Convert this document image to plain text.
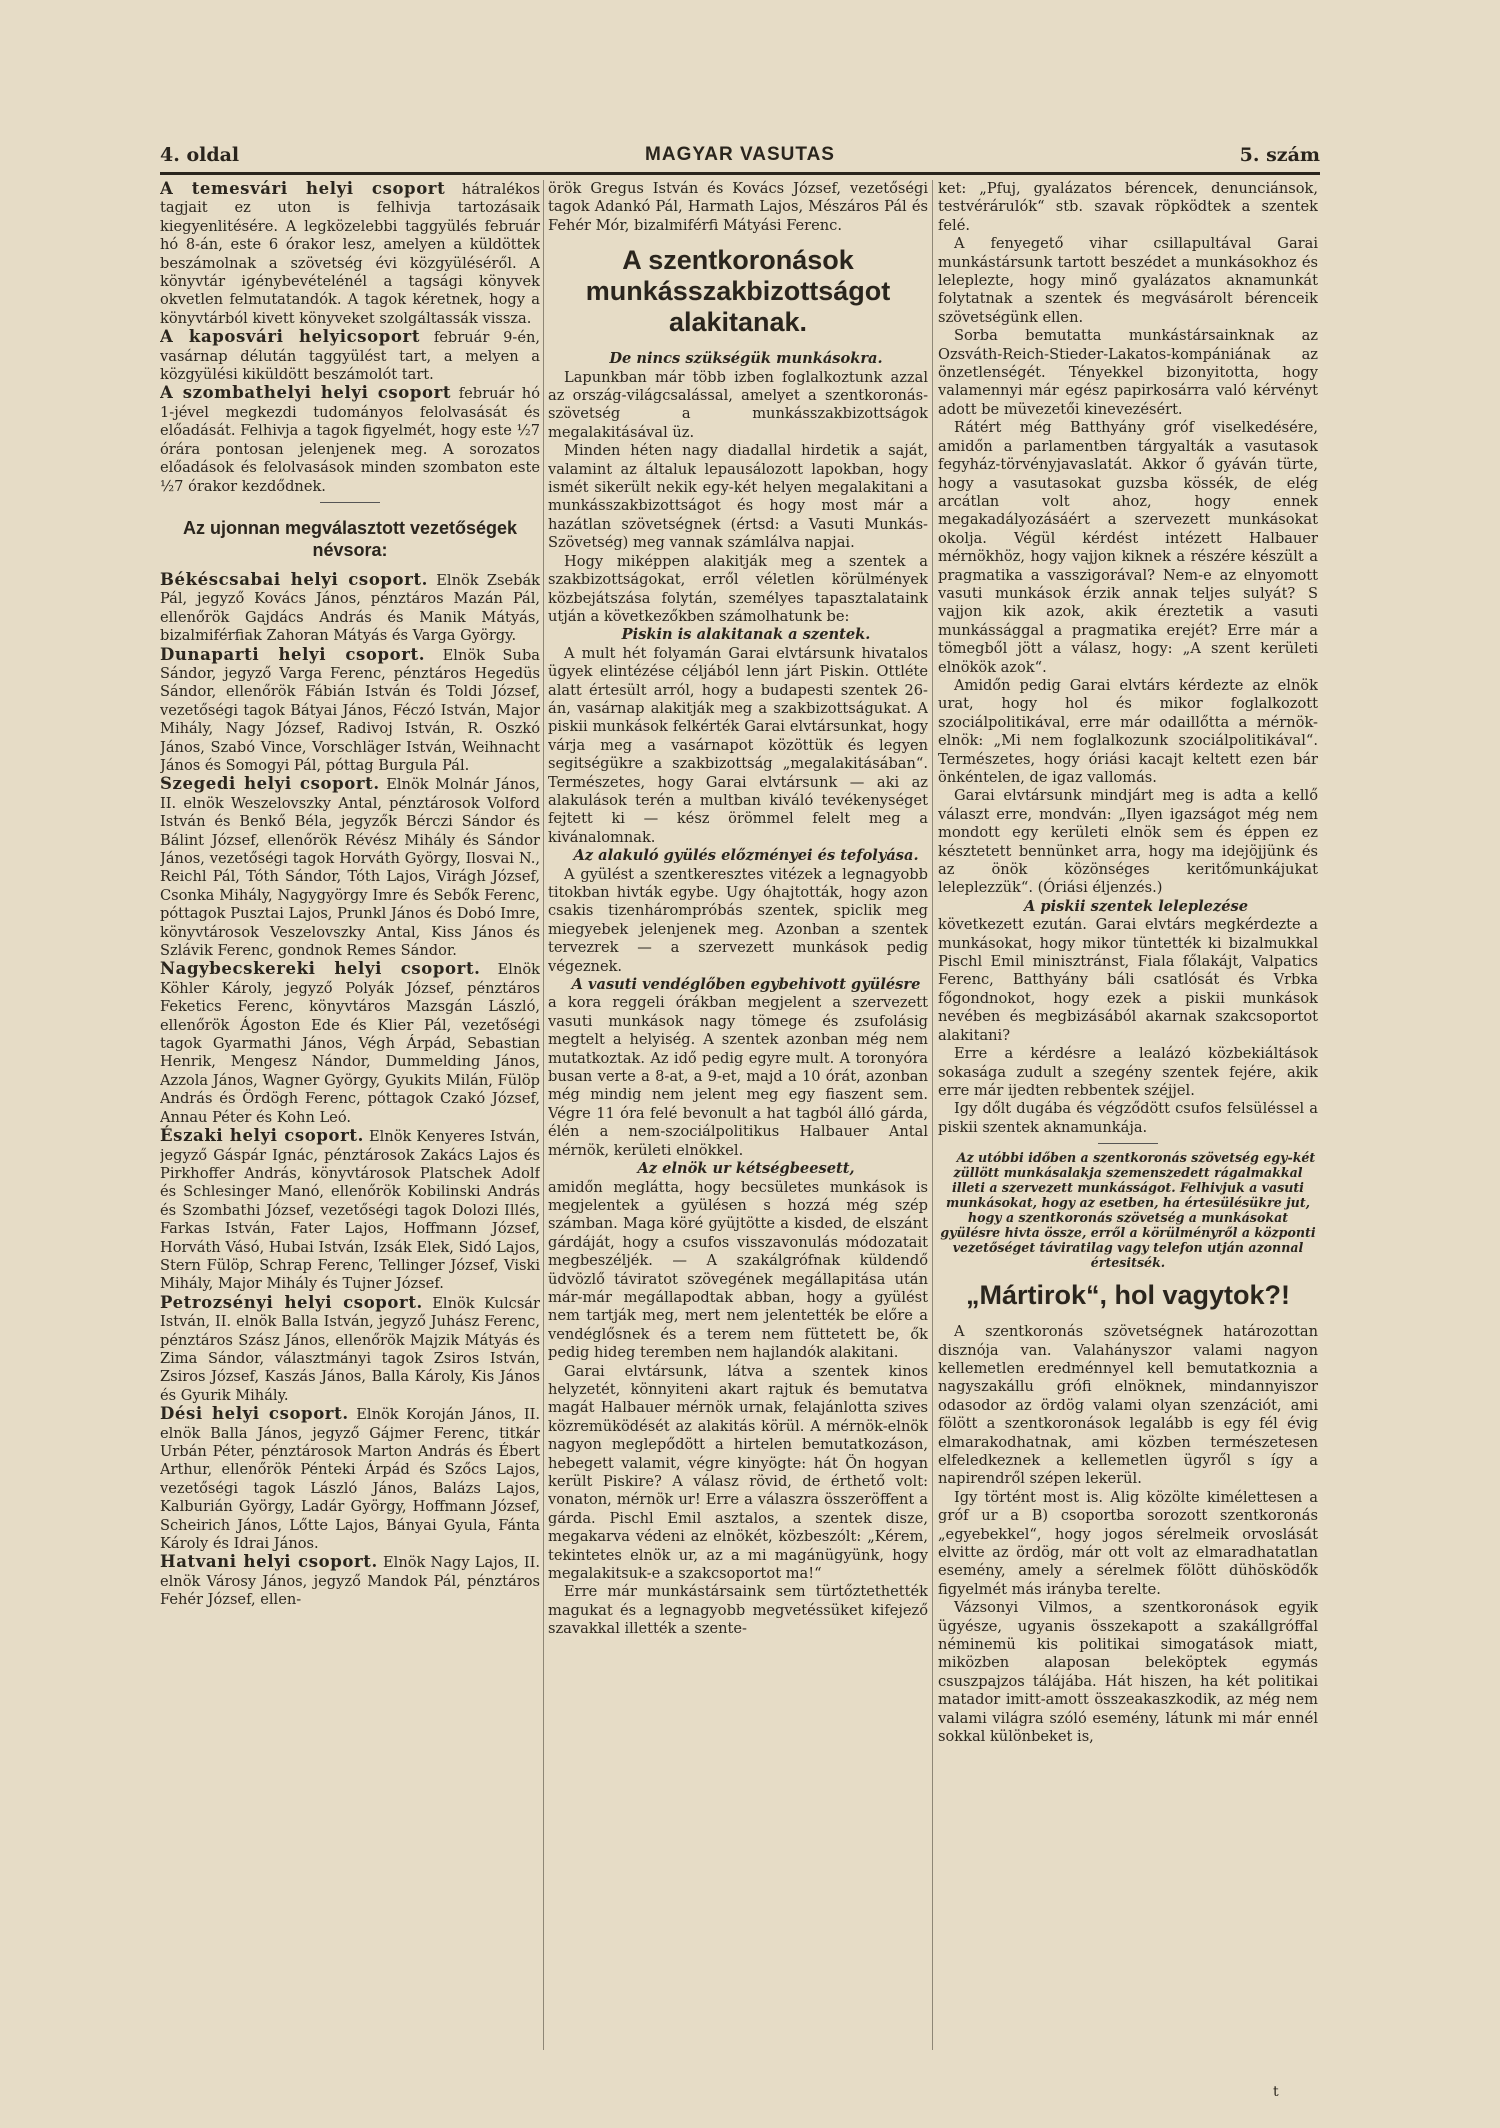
4. oldal	MAGYAR VASUTAS	5. szám

A temesvári helyi csoport hátralékos tagjait ez uton is felhivja tartozásaik kiegyenlitésére. A legközelebbi taggyülés február hó 8-án, este 6 órakor lesz, amelyen a küldöttek beszámolnak a szövetség évi közgyüléséről. A könyvtár igénybevételénél a tagsági könyvek okvetlen felmutatandók. A tagok kéretnek, hogy a könyvtárból kivett könyveket szolgáltassák vissza.

A kaposvári helyicsoport február 9-én, vasárnap délután taggyülést tart, a melyen a közgyülési kiküldött beszámolót tart.

A szombathelyi helyi csoport február hó 1-jével megkezdi tudományos felolvasását és előadását. Felhivja a tagok figyelmét, hogy este ½7 órára pontosan jelenjenek meg. A sorozatos előadások és felolvasások minden szombaton este ½7 órakor kezdődnek.

Az ujonnan megválasztott vezetőségek névsora:

Békéscsabai helyi csoport. Elnök Zsebák Pál, jegyző Kovács János, pénztáros Mazán Pál, ellenőrök Gajdács András és Manik Mátyás, bizalmiférfiak Zahoran Mátyás és Varga György.

Dunaparti helyi csoport. Elnök Suba Sándor, jegyző Varga Ferenc, pénztáros Hegedüs Sándor, ellenőrök Fábián István és Toldi József, vezetőségi tagok Bátyai János, Féczó István, Major Mihály, Nagy József, Radivoj István, R. Oszkó János, Szabó Vince, Vorschläger István, Weihnacht János és Somogyi Pál, póttag Burgula Pál.

Szegedi helyi csoport. Elnök Molnár János, II. elnök Weszelovszky Antal, pénztárosok Volford István és Benkő Béla, jegyzők Bérczi Sándor és Bálint József, ellenőrök Révész Mihály és Sándor János, vezetőségi tagok Horváth György, Ilosvai N., Reichl Pál, Tóth Sándor, Tóth Lajos, Virágh József, Csonka Mihály, Nagygyörgy Imre és Sebők Ferenc, póttagok Pusztai Lajos, Prunkl János és Dobó Imre, könyvtárosok Veszelovszky Antal, Kiss János és Szlávik Ferenc, gondnok Remes Sándor.

Nagybecskereki helyi csoport. Elnök Köhler Károly, jegyző Polyák József, pénztáros Feketics Ferenc, könyvtáros Mazsgán László, ellenőrök Ágoston Ede és Klier Pál, vezetőségi tagok Gyarmathi János, Végh Árpád, Sebastian Henrik, Mengesz Nándor, Dummelding János, Azzola János, Wagner György, Gyukits Milán, Fülöp András és Ördögh Ferenc, póttagok Czakó József, Annau Péter és Kohn Leó.

Északi helyi csoport. Elnök Kenyeres István, jegyző Gáspár Ignác, pénztárosok Zakács Lajos és Pirkhoffer András, könyvtárosok Platschek Adolf és Schlesinger Manó, ellenőrök Kobilinski András és Szombathi József, vezetőségi tagok Dolozi Illés, Farkas István, Fater Lajos, Hoffmann József, Horváth Vásó, Hubai István, Izsák Elek, Sidó Lajos, Stern Fülöp, Schrap Ferenc, Tellinger József, Viski Mihály, Major Mihály és Tujner József.

Petrozsényi helyi csoport. Elnök Kulcsár István, II. elnök Balla István, jegyző Juhász Ferenc, pénztáros Szász János, ellenőrök Majzik Mátyás és Zima Sándor, választmányi tagok Zsiros István, Zsiros József, Kaszás János, Balla Károly, Kis János és Gyurik Mihály.

Dési helyi csoport. Elnök Koroján János, II. elnök Balla János, jegyző Gájmer Ferenc, titkár Urbán Péter, pénztárosok Marton András és Ébert Arthur, ellenőrök Pénteki Árpád és Szőcs Lajos, vezetőségi tagok László János, Balázs Lajos, Kalburián György, Ladár György, Hoffmann József, Scheirich János, Lőtte Lajos, Bányai Gyula, Fánta Károly és Idrai János.

Hatvani helyi csoport. Elnök Nagy Lajos, II. elnök Városy János, jegyző Mandok Pál, pénztáros Fehér József, ellen-

örök Gregus István és Kovács József, vezetőségi tagok Adankó Pál, Harmath Lajos, Mészáros Pál és Fehér Mór, bizalmiférfi Mátyási Ferenc.

A szentkoronások munkásszakbizottságot alakitanak.

De nincs szükségük munkásokra.

Lapunkban már több izben foglalkoztunk azzal az ország-világcsalással, amelyet a szentkoronás-szövetség a munkásszakbizottságok megalakitásával üz.

Minden héten nagy diadallal hirdetik a saját, valamint az általuk lepausálozott lapokban, hogy ismét sikerült nekik egy-két helyen megalakitani a munkásszakbizottságot és hogy most már a hazátlan szövetségnek (értsd: a Vasuti Munkás-Szövetség) meg vannak számlálva napjai.

Hogy miképpen alakitják meg a szentek a szakbizottságokat, erről véletlen körülmények közbejátszása folytán, személyes tapasztalataink utján a következőkben számolhatunk be:

Piskin is alakitanak a szentek.

A mult hét folyamán Garai elvtársunk hivatalos ügyek elintézése céljából lenn járt Piskin. Ottléte alatt értesült arról, hogy a budapesti szentek 26-án, vasárnap alakitják meg a szakbizottságukat. A piskii munkások felkérték Garai elvtársunkat, hogy várja meg a vasárnapot közöttük és legyen segitségükre a szakbizottság „megalakitásában“. Természetes, hogy Garai elvtársunk — aki az alakulások terén a multban kiváló tevékenységet fejtett ki — kész örömmel felelt meg a kivánalomnak.

Az alakuló gyülés előzményei és tefolyása.

A gyülést a szentkeresztes vitézek a legnagyobb titokban hivták egybe. Ugy óhajtották, hogy azon csakis tizenhárompróbás szentek, spiclik meg miegyebek jelenjenek meg. Azonban a szentek tervezrek — a szervezett munkások pedig végeznek.

A vasuti vendéglőben egybehivott gyülésre

a kora reggeli órákban megjelent a szervezett vasuti munkások nagy tömege és zsufolásig megtelt a helyiség. A szentek azonban még nem mutatkoztak. Az idő pedig egyre mult. A toronyóra busan verte a 8-at, a 9-et, majd a 10 órát, azonban még mindig nem jelent meg egy fiaszent sem. Végre 11 óra felé bevonult a hat tagból álló gárda, élén a nem-szociálpolitikus Halbauer Antal mérnök, kerületi elnökkel.

Az elnök ur kétségbeesett,

amidőn meglátta, hogy becsületes munkások is megjelentek a gyülésen s hozzá még szép számban. Maga köré gyüjtötte a kisded, de elszánt gárdáját, hogy a csufos visszavonulás módozatait megbeszéljék. — A szakálgrófnak küldendő üdvözlő táviratot szövegének megállapitása után már-már megállapodtak abban, hogy a gyülést nem tartják meg, mert nem jelentették be előre a vendéglősnek és a terem nem füttetett be, ők pedig hideg teremben nem hajlandók alakitani.

Garai elvtársunk, látva a szentek kinos helyzetét, könnyiteni akart rajtuk és bemutatva magát Halbauer mérnök urnak, felajánlotta szives közremüködését az alakitás körül. A mérnök-elnök nagyon meglepődött a hirtelen bemutatkozáson, hebegett valamit, végre kinyögte: hát Ön hogyan került Piskire? A válasz rövid, de érthető volt: vonaton, mérnök ur! Erre a válaszra összeröffent a gárda. Pischl Emil asztalos, a szentek disze, megakarva védeni az elnökét, közbeszólt: „Kérem, tekintetes elnök ur, az a mi magánügyünk, hogy megalakitsuk-e a szakcsoportot ma!“

Erre már munkástársaink sem türtőztethették magukat és a legnagyobb megvetéssüket kifejező szavakkal illették a szente-

ket: „Pfuj, gyalázatos bérencek, denunciánsok, testvérárulók“ stb. szavak röpködtek a szentek felé.

A fenyegető vihar csillapultával Garai munkástársunk tartott beszédet a munkásokhoz és leleplezte, hogy minő gyalázatos aknamunkát folytatnak a szentek és megvásárolt bérenceik szövetségünk ellen.

Sorba bemutatta munkástársainknak az Ozsváth-Reich-Stieder-Lakatos-kompániának az önzetlenségét. Tényekkel bizonyitotta, hogy valamennyi már egész papirkosárra való kérvényt adott be müvezetői kinevezésért.

Rátért még Batthyány gróf viselkedésére, amidőn a parlamentben tárgyalták a vasutasok fegyház-törvényjavaslatát. Akkor ő gyáván türte, hogy a vasutasokat guzsba kössék, de elég arcátlan volt ahoz, hogy ennek megakadályozásáért a szervezett munkásokat okolja. Végül kérdést intézett Halbauer mérnökhöz, hogy vajjon kiknek a részére készült a pragmatika a vasszigorával? Nem-e az elnyomott vasuti munkások érzik annak teljes sulyát? S vajjon kik azok, akik éreztetik a vasuti munkássággal a pragmatika erejét? Erre már a tömegből jött a válasz, hogy: „A szent kerületi elnökök azok“.

Amidőn pedig Garai elvtárs kérdezte az elnök urat, hogy hol és mikor foglalkozott szociálpolitikával, erre már odaillőtta a mérnök-elnök: „Mi nem foglalkozunk szociálpolitikával“. Természetes, hogy óriási kacajt keltett ezen bár önkéntelen, de igaz vallomás.

Garai elvtársunk mindjárt meg is adta a kellő választ erre, mondván: „Ilyen igazságot még nem mondott egy kerületi elnök sem és éppen ez késztetett bennünket arra, hogy ma idejöjjünk és az önök közönséges keritőmunkájukat leleplezzük“. (Óriási éljenzés.)

A piskii szentek leleplezése

következett ezután. Garai elvtárs megkérdezte a munkásokat, hogy mikor tüntették ki bizalmukkal Pischl Emil minisztránst, Fiala főlakájt, Valpatics Ferenc, Batthyány báli csatlósát és Vrbka főgondnokot, hogy ezek a piskii munkások nevében és megbizásából akarnak szakcsoportot alakitani?

Erre a kérdésre a lealázó közbekiáltások sokasága zudult a szegény szentek fejére, akik erre már ijedten rebbentek széjjel.

Igy dőlt dugába és végződött csufos felsüléssel a piskii szentek aknamunkája.

Az utóbbi időben a szentkoronás szövetség egy-két züllött munkásalakja szemenszedett rágalmakkal illeti a szervezett munkásságot. Felhivjuk a vasuti munkásokat, hogy az esetben, ha értesülésükre jut, hogy a szentkoronás szövetség a munkásokat gyülésre hivta össze, erről a körülményről a központi vezetőséget táviratilag vagy telefon utján azonnal értesitsék.

„Mártirok“, hol vagytok?!

A szentkoronás szövetségnek határozottan disznója van. Valahányszor valami nagyon kellemetlen eredménnyel kell bemutatkoznia a nagyszakállu grófi elnöknek, mindannyiszor odasodor az ördög valami olyan szenzációt, ami fölött a szentkoronások legalább is egy fél évig elmarakodhatnak, ami közben természetesen elfeledkeznek a kellemetlen ügyről s így a napirendről szépen lekerül.

Igy történt most is. Alig közölte kimélettesen a gróf ur a B) csoportba sorozott szentkoronás „egyebekkel“, hogy jogos sérelmeik orvoslását elvitte az ördög, már ott volt az elmaradhatatlan esemény, amely a sérelmek fölött dühösködők figyelmét más irányba terelte.

Vázsonyi Vilmos, a szentkoronások egyik ügyésze, ugyanis összekapott a szakállgróffal néminemü kis politikai simogatások miatt, miközben alaposan beleköptek egymás csuszpajzos tálájába. Hát hiszen, ha két politikai matador imitt-amott összeakaszkodik, az még nem valami világra szóló esemény, látunk mi már ennél sokkal különbeket is,

t
